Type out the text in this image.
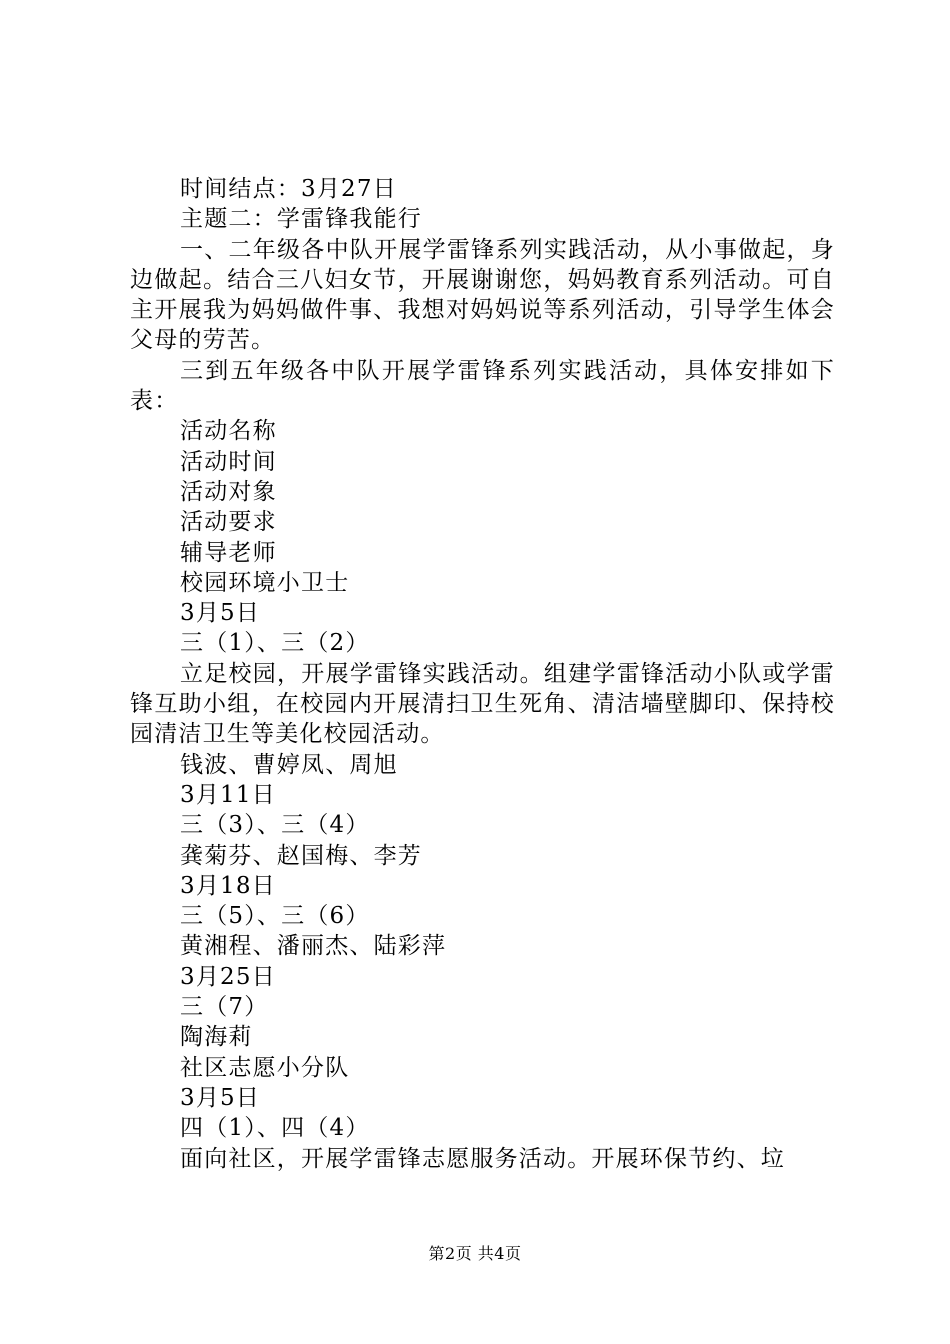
时间结点：3月27日

主题二：学雷锋我能行

一、二年级各中队开展学雷锋系列实践活动，从小事做起，身边做起。结合三八妇女节，开展谢谢您，妈妈教育系列活动。可自主开展我为妈妈做件事、我想对妈妈说等系列活动，引导学生体会父母的劳苦。

三到五年级各中队开展学雷锋系列实践活动，具体安排如下表：

活动名称

活动时间

活动对象

活动要求

辅导老师

校园环境小卫士

3月5日

三（1）、三（2）

立足校园，开展学雷锋实践活动。组建学雷锋活动小队或学雷锋互助小组，在校园内开展清扫卫生死角、清洁墙壁脚印、保持校园清洁卫生等美化校园活动。

钱波、曹婷凤、周旭

3月11日

三（3）、三（4）

龚菊芬、赵国梅、李芳

3月18日

三（5）、三（6）

黄湘程、潘丽杰、陆彩萍

3月25日

三（7）

陶海莉

社区志愿小分队

3月5日

四（1）、四（4）

面向社区，开展学雷锋志愿服务活动。开展环保节约、垃

第2页 共4页
